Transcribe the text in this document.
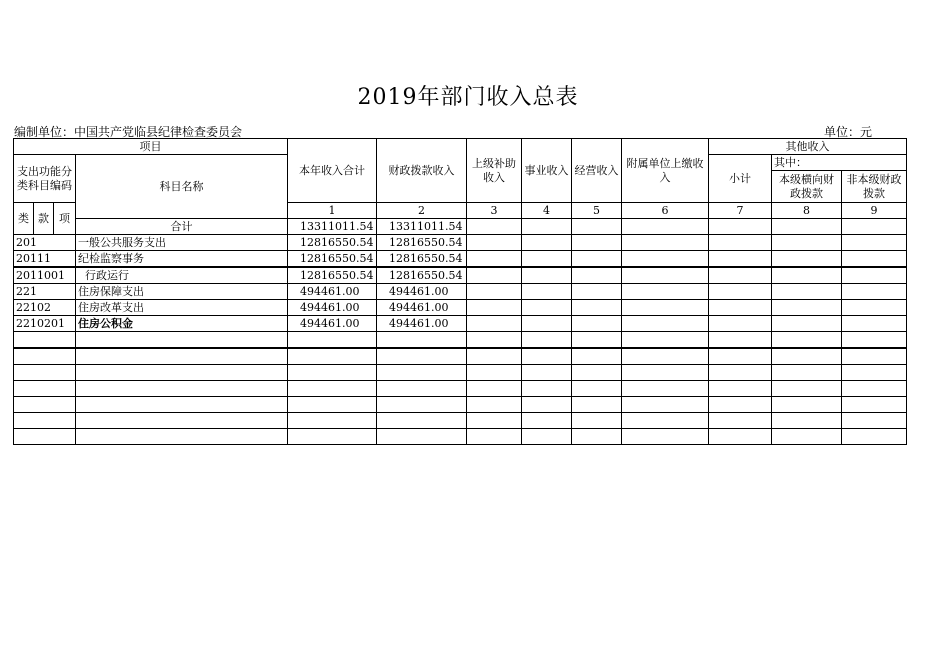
2019年部门收入总表
编制单位：中国共产党临县纪律检查委员会	单位：元
项目				本年收入合计	财政拨款收入	上级补助收入	事业收入	经营收入	附属单位上缴收入	其他收入		
支出功能分类科目编码			科目名称							小计	其中：	
											本级横向财政拨款	非本级财政拨款
类	款	项		1	2	3	4	5	6	7	8	9
			合计	13311011.54	13311011.54							
201			一般公共服务支出	12816550.54	12816550.54							
20111			纪检监察事务	12816550.54	12816550.54							
2011001			行政运行	12816550.54	12816550.54							
221			住房保障支出	494461.00	494461.00							
22102			住房改革支出	494461.00	494461.00							
2210201			住房公积金	494461.00	494461.00							
